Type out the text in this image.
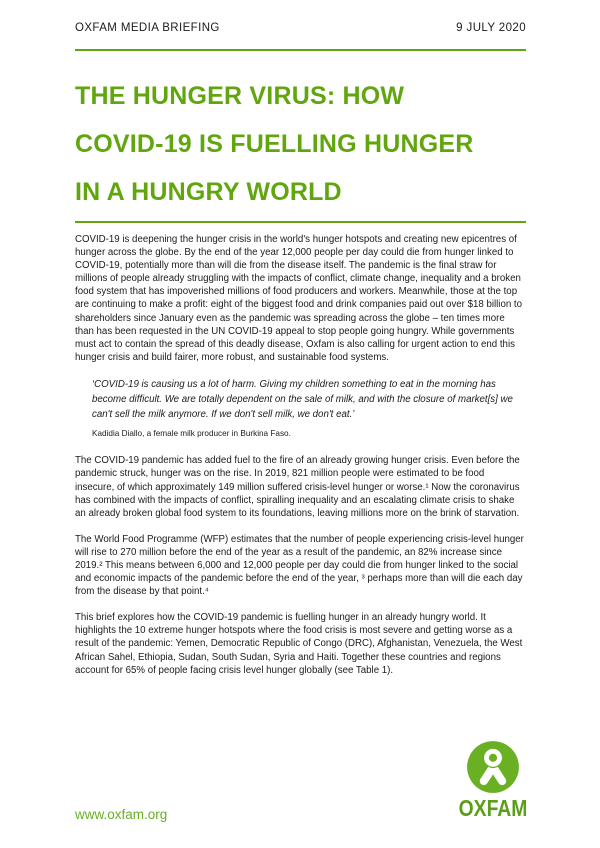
OXFAM MEDIA BRIEFING	9 JULY 2020
THE HUNGER VIRUS: HOW
COVID-19 IS FUELLING HUNGER
IN A HUNGRY WORLD

COVID-19 is deepening the hunger crisis in the world's hunger hotspots and creating new epicentres of hunger across the globe. By the end of the year 12,000 people per day could die from hunger linked to COVID-19, potentially more than will die from the disease itself. The pandemic is the final straw for millions of people already struggling with the impacts of conflict, climate change, inequality and a broken food system that has impoverished millions of food producers and workers. Meanwhile, those at the top are continuing to make a profit: eight of the biggest food and drink companies paid out over $18 billion to shareholders since January even as the pandemic was spreading across the globe – ten times more than has been requested in the UN COVID-19 appeal to stop people going hungry. While governments must act to contain the spread of this deadly disease, Oxfam is also calling for urgent action to end this hunger crisis and build fairer, more robust, and sustainable food systems.

‘COVID-19 is causing us a lot of harm. Giving my children something to eat in the morning has become difficult. We are totally dependent on the sale of milk, and with the closure of market[s] we can't sell the milk anymore. If we don't sell milk, we don't eat.’
Kadidia Diallo, a female milk producer in Burkina Faso.

The COVID-19 pandemic has added fuel to the fire of an already growing hunger crisis. Even before the pandemic struck, hunger was on the rise. In 2019, 821 million people were estimated to be food insecure, of which approximately 149 million suffered crisis-level hunger or worse.¹ Now the coronavirus has combined with the impacts of conflict, spiralling inequality and an escalating climate crisis to shake an already broken global food system to its foundations, leaving millions more on the brink of starvation.

The World Food Programme (WFP) estimates that the number of people experiencing crisis-level hunger will rise to 270 million before the end of the year as a result of the pandemic, an 82% increase since 2019.² This means between 6,000 and 12,000 people per day could die from hunger linked to the social and economic impacts of the pandemic before the end of the year, ³ perhaps more than will die each day from the disease by that point.⁴

This brief explores how the COVID-19 pandemic is fuelling hunger in an already hungry world. It highlights the 10 extreme hunger hotspots where the food crisis is most severe and getting worse as a result of the pandemic: Yemen, Democratic Republic of Congo (DRC), Afghanistan, Venezuela, the West African Sahel, Ethiopia, Sudan, South Sudan, Syria and Haiti. Together these countries and regions account for 65% of people facing crisis level hunger globally (see Table 1).

OXFAM
www.oxfam.org
